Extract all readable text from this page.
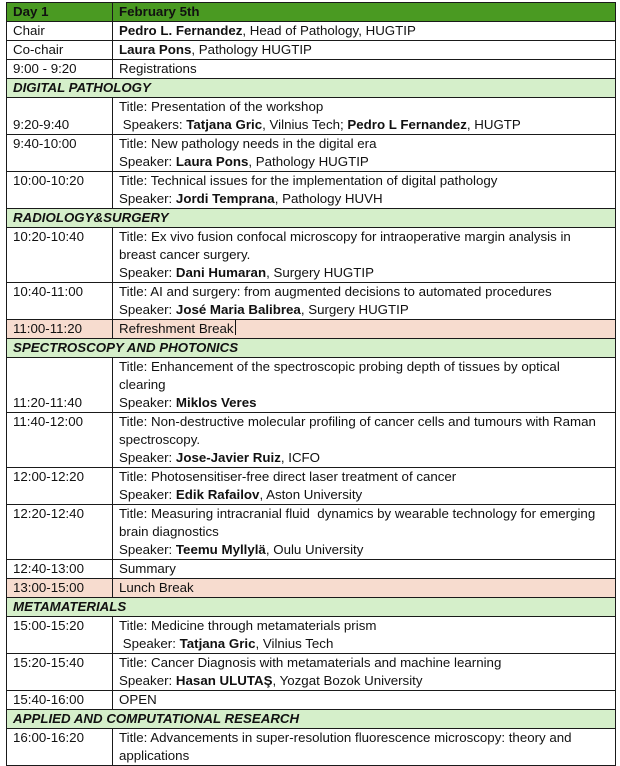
Day 1	February 5th
Chair	Pedro L. Fernandez, Head of Pathology, HUGTIP
Co-chair	Laura Pons, Pathology HUGTIP
9:00 - 9:20	Registrations
DIGITAL PATHOLOGY	
9:20-9:40	Title: Presentation of the workshop
Speakers: Tatjana Gric, Vilnius Tech; Pedro L Fernandez, HUGTP

9:40-10:00	Title: New pathology needs in the digital era
Speaker: Laura Pons, Pathology HUGTIP

10:00-10:20	Title: Technical issues for the implementation of digital pathology
Speaker: Jordi Temprana, Pathology HUVH

RADIOLOGY&SURGERY	
10:20-10:40	Title: Ex vivo fusion confocal microscopy for intraoperative margin analysis in breast cancer surgery.
Speaker: Dani Humaran, Surgery HUGTIP

10:40-11:00	Title: AI and surgery: from augmented decisions to automated procedures
Speaker: José Maria Balibrea, Surgery HUGTIP

11:00-11:20	Refreshment Break
SPECTROSCOPY AND PHOTONICS	
11:20-11:40	Title: Enhancement of the spectroscopic probing depth of tissues by optical clearing
Speaker: Miklos Veres

11:40-12:00	Title: Non-destructive molecular profiling of cancer cells and tumours with Raman spectroscopy.
Speaker: Jose-Javier Ruiz, ICFO

12:00-12:20	Title: Photosensitiser-free direct laser treatment of cancer
Speaker: Edik Rafailov, Aston University

12:20-12:40	Title: Measuring intracranial fluid  dynamics by wearable technology for emerging brain diagnostics
Speaker: Teemu Myllylä, Oulu University

12:40-13:00	Summary
13:00-15:00	Lunch Break
METAMATERIALS	
15:00-15:20	Title: Medicine through metamaterials prism
Speaker: Tatjana Gric, Vilnius Tech

15:20-15:40	Title: Cancer Diagnosis with metamaterials and machine learning
Speaker: Hasan ULUTAŞ, Yozgat Bozok University

15:40-16:00	OPEN
APPLIED AND COMPUTATIONAL RESEARCH	
16:00-16:20	Title: Advancements in super-resolution fluorescence microscopy: theory and applications
